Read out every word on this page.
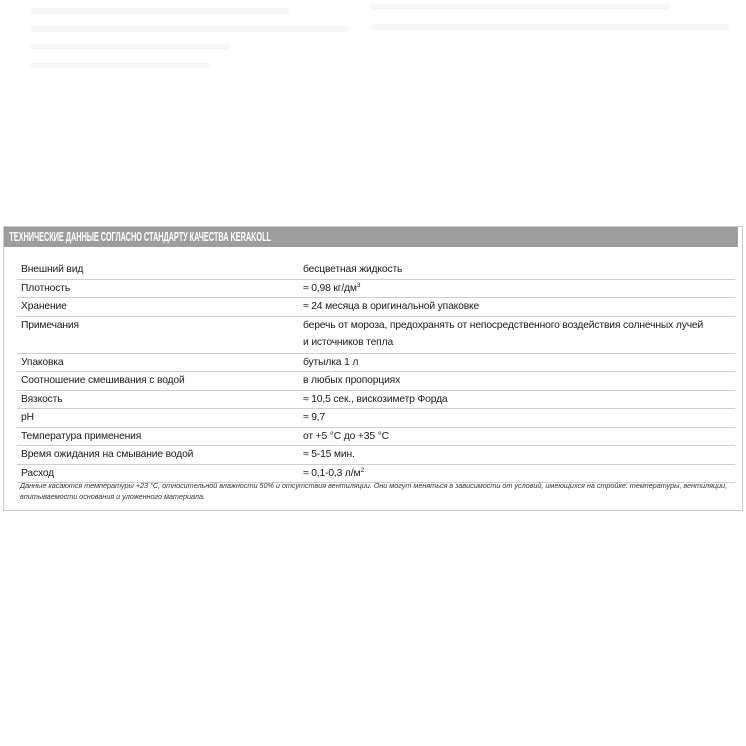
ТЕХНИЧЕСКИЕ ДАННЫЕ СОГЛАСНО СТАНДАРТУ КАЧЕСТВА KERAKOLL
Внешний вид	бесцветная жидкость
Плотность	≈ 0,98 $кг/дм^3$
Хранение	≈ 24 месяца в оригинальной упаковке
Примечания	беречь от мороза, предохранять от непосредственного воздействия солнечных лучей
и источников тепла

Упаковка	бутылка 1 л
Соотношение смешивания с водой	в любых пропорциях
Вязкость	≈ 10,5 сек., вискозиметр Форда
pH	≈ 9,7
Температура применения	от +5 °C до +35 °C
Время ожидания на смывание водой	≈ 5-15 мин.
Расход	≈ 0,1-0,3 $л/м^2$
Данные касаются температуры +23 °C, относительной влажности 50% и отсутствия вентиляции. Они могут меняться в зависимости от условий, имеющихся на стройке: температуры, вентиляции, впитываемости основания и уложенного материала.
